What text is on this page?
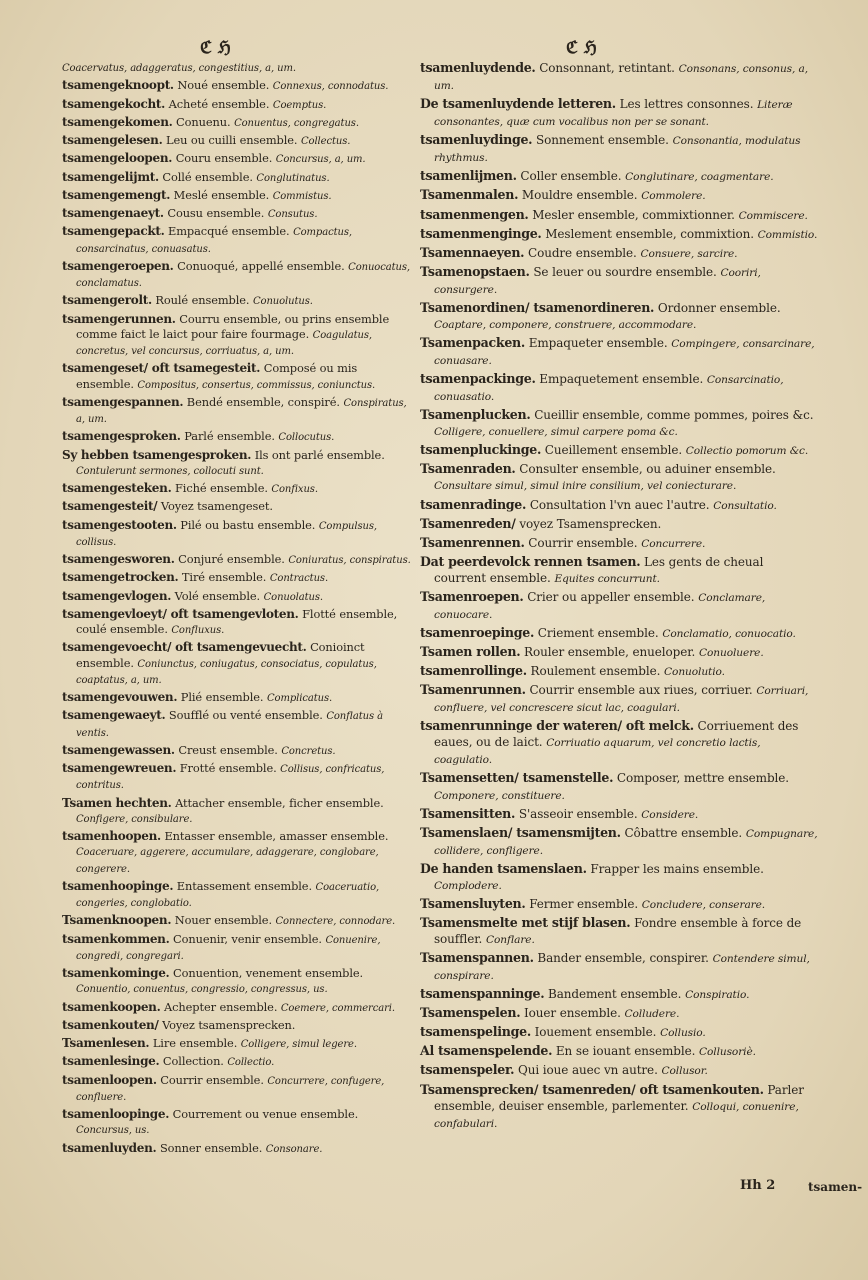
ℭ ℌ	ℭ ℌ
Coacervatus, adaggeratus, congestitius, a, um.
tsamengeknoopt. Noué ensemble. Connexus, connodatus.
tsamengekocht. Acheté ensemble. Coemptus.
tsamengekomen. Conuenu. Conuentus, congregatus.
tsamengelesen. Leu ou cuilli ensemble. Collectus.
tsamengeloopen. Couru ensemble. Concursus, a, um.
tsamengelijmt. Collé ensemble. Conglutinatus.
tsamengemengt. Meslé ensemble. Commistus.
tsamengenaeyt. Cousu ensemble. Consutus.
tsamengepackt. Empacqué ensemble. Compactus, consarcinatus, conuasatus.
tsamengeroepen. Conuoqué, appellé ensemble. Conuocatus, conclamatus.
tsamengerolt. Roulé ensemble. Conuolutus.
tsamengerunnen. Courru ensemble, ou prins ensemble comme faict le laict pour faire fourmage. Coagulatus, concretus, vel concursus, corriuatus, a, um.
tsamengeset/ oft tsamegesteit. Composé ou mis ensemble. Compositus, consertus, commissus, coniunctus.
tsamengespannen. Bendé ensemble, conspiré. Conspiratus, a, um.
tsamengesproken. Parlé ensemble. Collocutus.
Sy hebben tsamengesproken. Ils ont parlé ensemble. Contulerunt sermones, collocuti sunt.
tsamengesteken. Fiché ensemble. Confixus.
tsamengesteit/ Voyez tsamengeset.
tsamengestooten. Pilé ou bastu ensemble. Compulsus, collisus.
tsamengesworen. Conjuré ensemble. Coniuratus, conspiratus.
tsamengetrocken. Tiré ensemble. Contractus.
tsamengevlogen. Volé ensemble. Conuolatus.
tsamengevloeyt/ oft tsamengevloten. Flotté ensemble, coulé ensemble. Confluxus.
tsamengevoecht/ oft tsamengevuecht. Conioinct ensemble. Coniunctus, coniugatus, consociatus, copulatus, coaptatus, a, um.
tsamengevouwen. Plié ensemble. Complicatus.
tsamengewaeyt. Soufflé ou venté ensemble. Conflatus à ventis.
tsamengewassen. Creust ensemble. Concretus.
tsamengewreuen. Frotté ensemble. Collisus, confricatus, contritus.
Tsamen hechten. Attacher ensemble, ficher ensemble. Configere, consibulare.
tsamenhoopen. Entasser ensemble, amasser ensemble. Coaceruare, aggerere, accumulare, adaggerare, conglobare, congerere.
tsamenhoopinge. Entassement ensemble. Coaceruatio, congeries, conglobatio.
Tsamenknoopen. Nouer ensemble. Connectere, connodare.
tsamenkommen. Conuenir, venir ensemble. Conuenire, congredi, congregari.
tsamenkominge. Conuention, venement ensemble. Conuentio, conuentus, congressio, congressus, us.
tsamenkoopen. Achepter ensemble. Coemere, commercari.
tsamenkouten/ Voyez tsamensprecken.
Tsamenlesen. Lire ensemble. Colligere, simul legere.
tsamenlesinge. Collection. Collectio.
tsamenloopen. Courrir ensemble. Concurrere, confugere, confluere.
tsamenloopinge. Courrement ou venue ensemble. Concursus, us.
tsamenluyden. Sonner ensemble. Consonare.
tsamenluydende. Consonnant, retintant. Consonans, consonus, a, um.
De tsamenluydende letteren. Les lettres consonnes. Literæ consonantes, quæ cum vocalibus non per se sonant.
tsamenluydinge. Sonnement ensemble. Consonantia, modulatus rhythmus.
tsamenlijmen. Coller ensemble. Conglutinare, coagmentare.
Tsamenmalen. Mouldre ensemble. Commolere.
tsamenmengen. Mesler ensemble, commixtionner. Commiscere.
tsamenmenginge. Meslement ensemble, commixtion. Commistio.
Tsamennaeyen. Coudre ensemble. Consuere, sarcire.
Tsamenopstaen. Se leuer ou sourdre ensemble. Cooriri, consurgere.
Tsamenordinen/ tsamenordineren. Ordonner ensemble. Coaptare, componere, construere, accommodare.
Tsamenpacken. Empaqueter ensemble. Compingere, consarcinare, conuasare.
tsamenpackinge. Empaquetement ensemble. Consarcinatio, conuasatio.
Tsamenplucken. Cueillir ensemble, comme pommes, poires &c. Colligere, conuellere, simul carpere poma &c.
tsamenpluckinge. Cueillement ensemble. Collectio pomorum &c.
Tsamenraden. Consulter ensemble, ou aduiner ensemble. Consultare simul, simul inire consilium, vel coniecturare.
tsamenradinge. Consultation l'vn auec l'autre. Consultatio.
Tsamenreden/ voyez Tsamensprecken.
Tsamenrennen. Courrir ensemble. Concurrere.
Dat peerdevolck rennen tsamen. Les gents de cheual courrent ensemble. Equites concurrunt.
Tsamenroepen. Crier ou appeller ensemble. Conclamare, conuocare.
tsamenroepinge. Criement ensemble. Conclamatio, conuocatio.
Tsamen rollen. Rouler ensemble, enueloper. Conuoluere.
tsamenrollinge. Roulement ensemble. Conuolutio.
Tsamenrunnen. Courrir ensemble aux riues, corriuer. Corriuari, confluere, vel concrescere sicut lac, coagulari.
tsamenrunninge der wateren/ oft melck. Corriuement des eaues, ou de laict. Corriuatio aquarum, vel concretio lactis, coagulatio.
Tsamensetten/ tsamenstelle. Composer, mettre ensemble. Componere, constituere.
Tsamensitten. S'asseoir ensemble. Considere.
Tsamenslaen/ tsamensmijten. Côbattre ensemble. Compugnare, collidere, confligere.
De handen tsamenslaen. Frapper les mains ensemble. Complodere.
Tsamensluyten. Fermer ensemble. Concludere, conserare.
Tsamensmelte met stijf blasen. Fondre ensemble à force de souffler. Conflare.
Tsamenspannen. Bander ensemble, conspirer. Contendere simul, conspirare.
tsamenspanninge. Bandement ensemble. Conspiratio.
Tsamenspelen. Iouer ensemble. Colludere.
tsamenspelinge. Iouement ensemble. Collusio.
Al tsamenspelende. En se iouant ensemble. Collusoriè.
tsamenspeler. Qui ioue auec vn autre. Collusor.
Tsamensprecken/ tsamenreden/ oft tsamenkouten. Parler ensemble, deuiser ensemble, parlementer. Colloqui, conuenire, confabulari.
Hh 2	tsamen-
